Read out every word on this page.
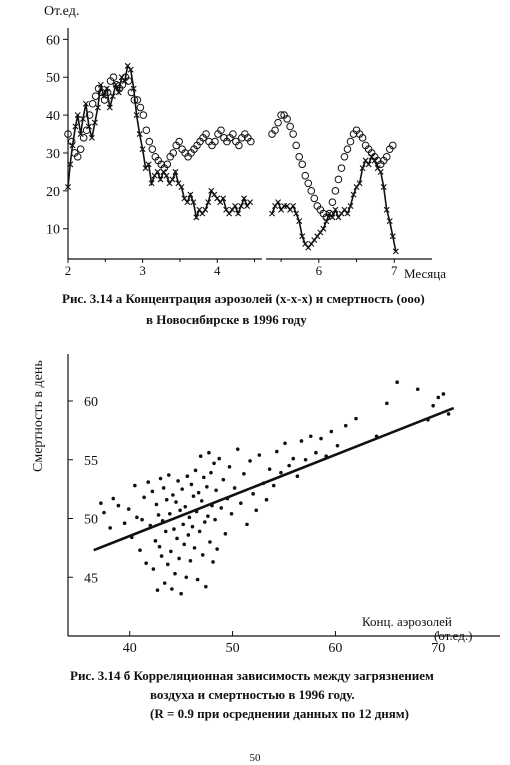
От.ед.
Месяца
10
20
30
40
50
60
2	3	4	6	7
Смертность в день
Конц. аэрозолей
(от.ед.)
45
50
55
60
40	50	60	70
Рис. 3.14 а Концентрация аэрозолей (х-х-х) и смертность (ооо)
в Новосибирске в 1996 году
Рис. 3.14 б Корреляционная зависимость между загрязнением
воздуха и смертностью в 1996 году.
(R = 0.9 при осреднении данных по 12 дням)
50
